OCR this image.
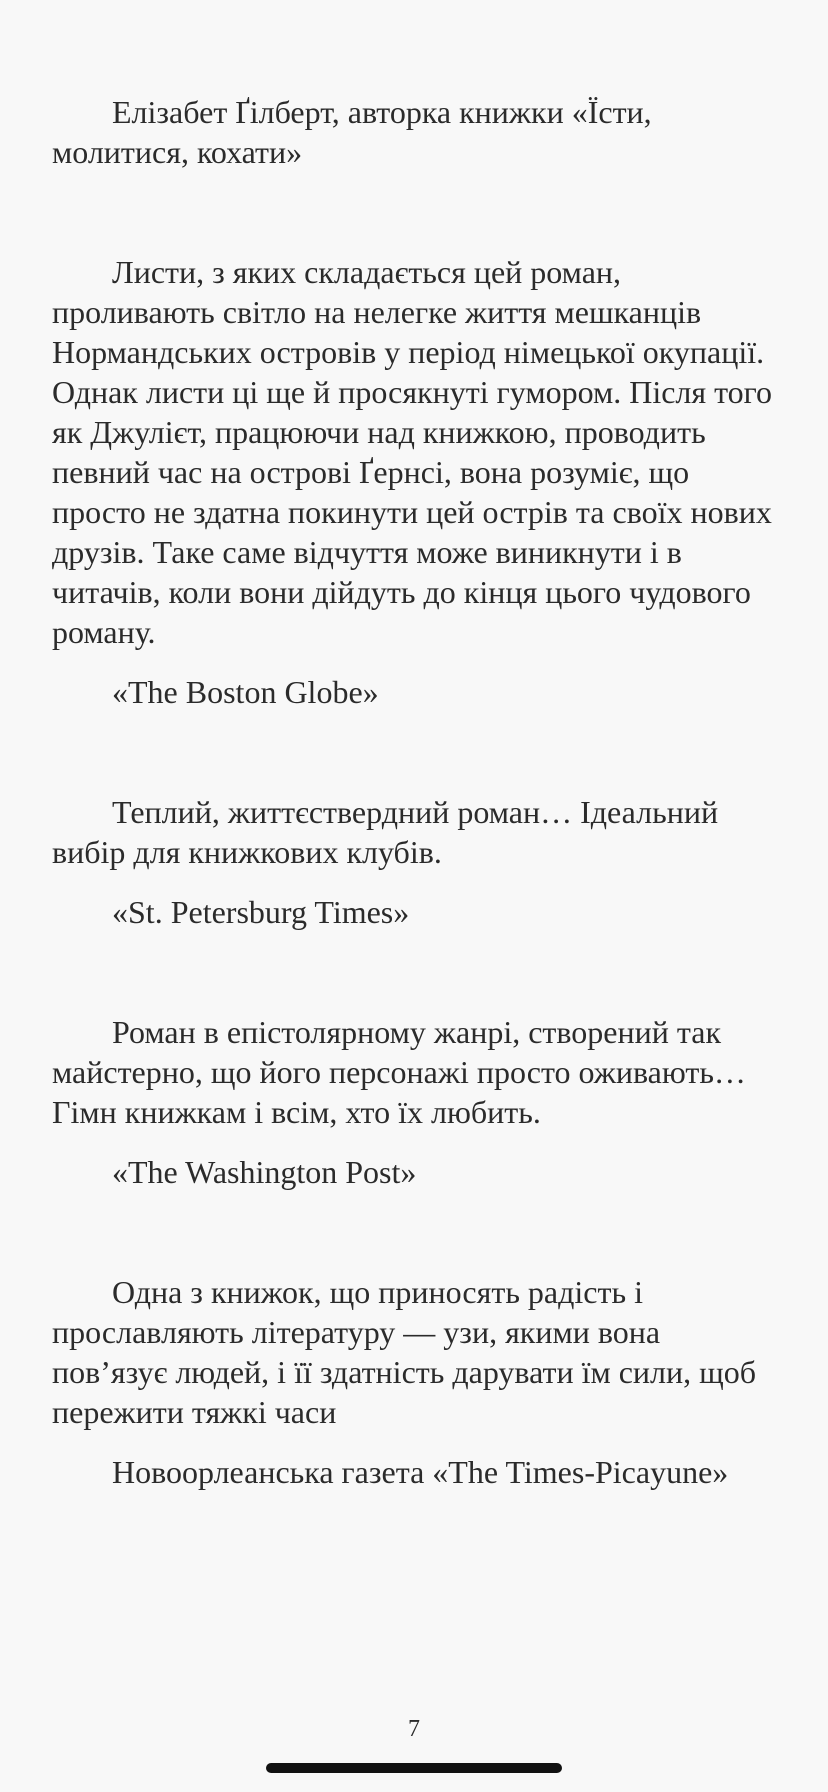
Елізабет Ґілберт, авторка книжки «Їсти, молитися, кохати»

Листи, з яких складається цей роман, проливають світло на нелегке життя мешканців Нормандських островів у період німецької окупації. Однак листи ці ще й просякнуті гумором. Після того як Джулієт, працюючи над книжкою, проводить певний час на острові Ґернсі, вона розуміє, що просто не здатна покинути цей острів та своїх нових друзів. Таке саме відчуття може виникнути і в читачів, коли вони дійдуть до кінця цього чудового роману.

«The Boston Globe»

Теплий, життєствердний роман… Ідеальний вибір для книжкових клубів.

«St. Petersburg Times»

Роман в епістолярному жанрі, створений так майстерно, що його персонажі просто оживають… Гімн книжкам і всім, хто їх любить.

«The Washington Post»

Одна з книжок, що приносять радість і прославляють літературу — узи, якими вона пов’язує людей, і її здатність дарувати їм сили, щоб пережити тяжкі часи

Новоорлеанська газета «The Times-Picayune»

7
